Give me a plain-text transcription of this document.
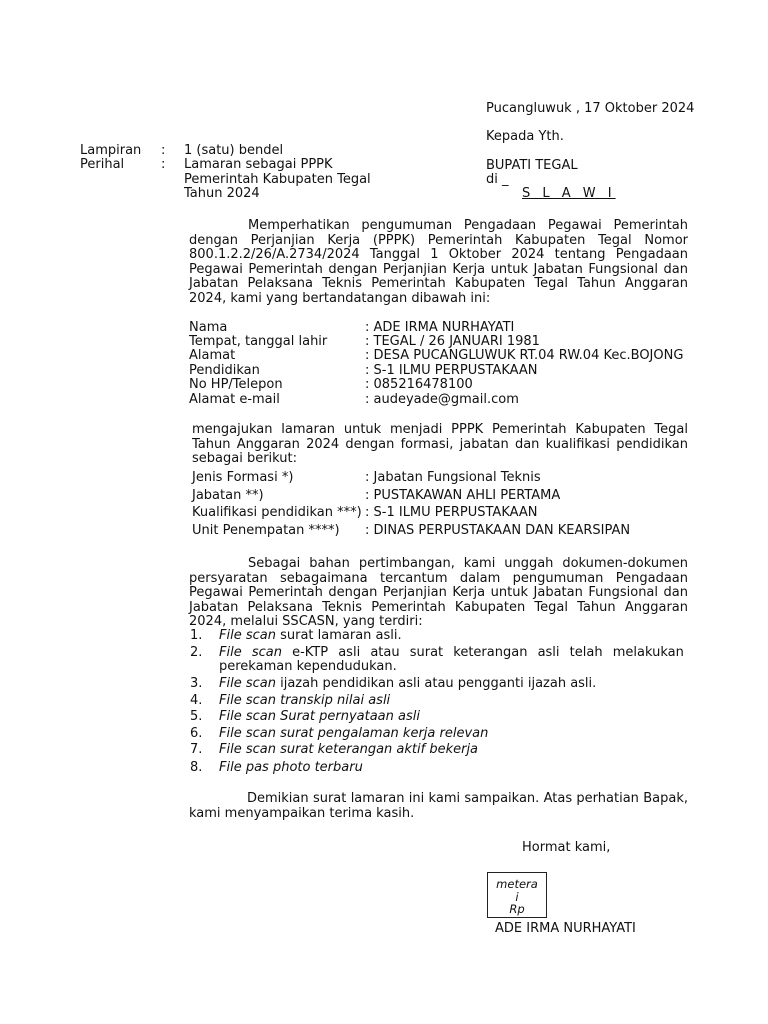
Pucangluwuk , 17 Oktober 2024
Kepada Yth.
BUPATI TEGAL
di _
S L A W I
Lampiran : 1 (satu) bendel
Perihal	: Lamaran sebagai PPPK
Pemerintah Kabupaten Tegal
Tahun 2024
Memperhatikan pengumuman Pengadaan Pegawai Pemerintah dengan Perjanjian Kerja (PPPK) Pemerintah Kabupaten Tegal Nomor 800.1.2.2/26/A.2734/2024 Tanggal 1 Oktober 2024 tentang Pengadaan Pegawai Pemerintah dengan Perjanjian Kerja untuk Jabatan Fungsional dan Jabatan Pelaksana Teknis Pemerintah Kabupaten Tegal Tahun Anggaran 2024, kami yang bertandatangan dibawah ini:
Nama	: ADE IRMA NURHAYATI
Tempat, tanggal lahir	: TEGAL / 26 JANUARI 1981
Alamat	: DESA PUCANGLUWUK RT.04 RW.04 Kec.BOJONG
Pendidikan	: S-1 ILMU PERPUSTAKAAN
No HP/Telepon	: 085216478100
Alamat e-mail	: audeyade@gmail.com
mengajukan lamaran untuk menjadi PPPK Pemerintah Kabupaten Tegal Tahun Anggaran 2024 dengan formasi, jabatan dan kualifikasi pendidikan sebagai berikut:
Jenis Formasi *)	: Jabatan Fungsional Teknis
Jabatan **)	: PUSTAKAWAN AHLI PERTAMA
Kualifikasi pendidikan ***) : S-1 ILMU PERPUSTAKAAN
Unit Penempatan ****) : DINAS PERPUSTAKAAN DAN KEARSIPAN
Sebagai bahan pertimbangan, kami unggah dokumen-dokumen persyaratan sebagaimana tercantum dalam pengumuman Pengadaan Pegawai Pemerintah dengan Perjanjian Kerja untuk Jabatan Fungsional dan Jabatan Pelaksana Teknis Pemerintah Kabupaten Tegal Tahun Anggaran 2024, melalui SSCASN, yang terdiri:
1. File scan surat lamaran asli.
2. File scan e-KTP asli atau surat keterangan asli telah melakukan
perekaman kependudukan.
3. File scan ijazah pendidikan asli atau pengganti ijazah asli.
4. File scan transkip nilai asli
5. File scan Surat pernyataan asli
6. File scan surat pengalaman kerja relevan
7. File scan surat keterangan aktif bekerja
8. File pas photo terbaru
Demikian surat lamaran ini kami sampaikan. Atas perhatian Bapak, kami menyampaikan terima kasih.
Hormat kami,
metera
i
Rp
ADE IRMA NURHAYATI
